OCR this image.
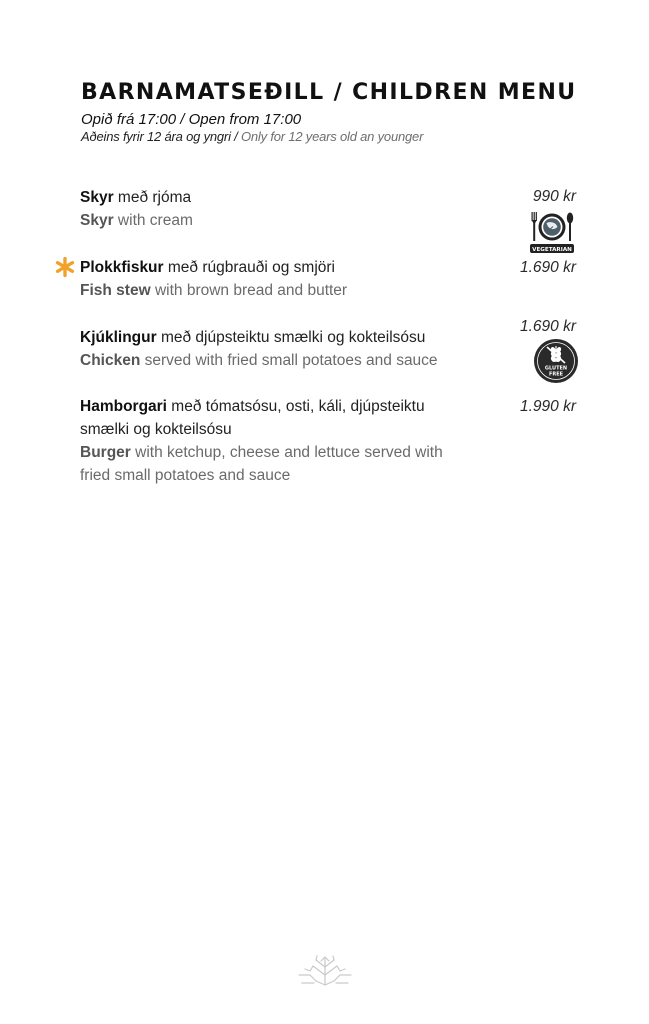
BARNAMATSEÐILL / CHILDREN MENU
Opið frá 17:00 / Open from 17:00
Aðeins fyrir 12 ára og yngri / Only for 12 years old an younger
Skyr með rjóma
Skyr with cream
990 kr
VEGETARIAN
Plokkfiskur með rúgbrauði og smjöri
Fish stew with brown bread and butter
1.690 kr
Kjúklingur með djúpsteiktu smælki og kokteilsósu
Chicken served with fried small potatoes and sauce
1.690 kr
GLUTEN
FREE
Hamborgari með tómatsósu, osti, káli, djúpsteiktu smælki og kokteilsósu
Burger with ketchup, cheese and lettuce served with fried small potatoes and sauce
1.990 kr
